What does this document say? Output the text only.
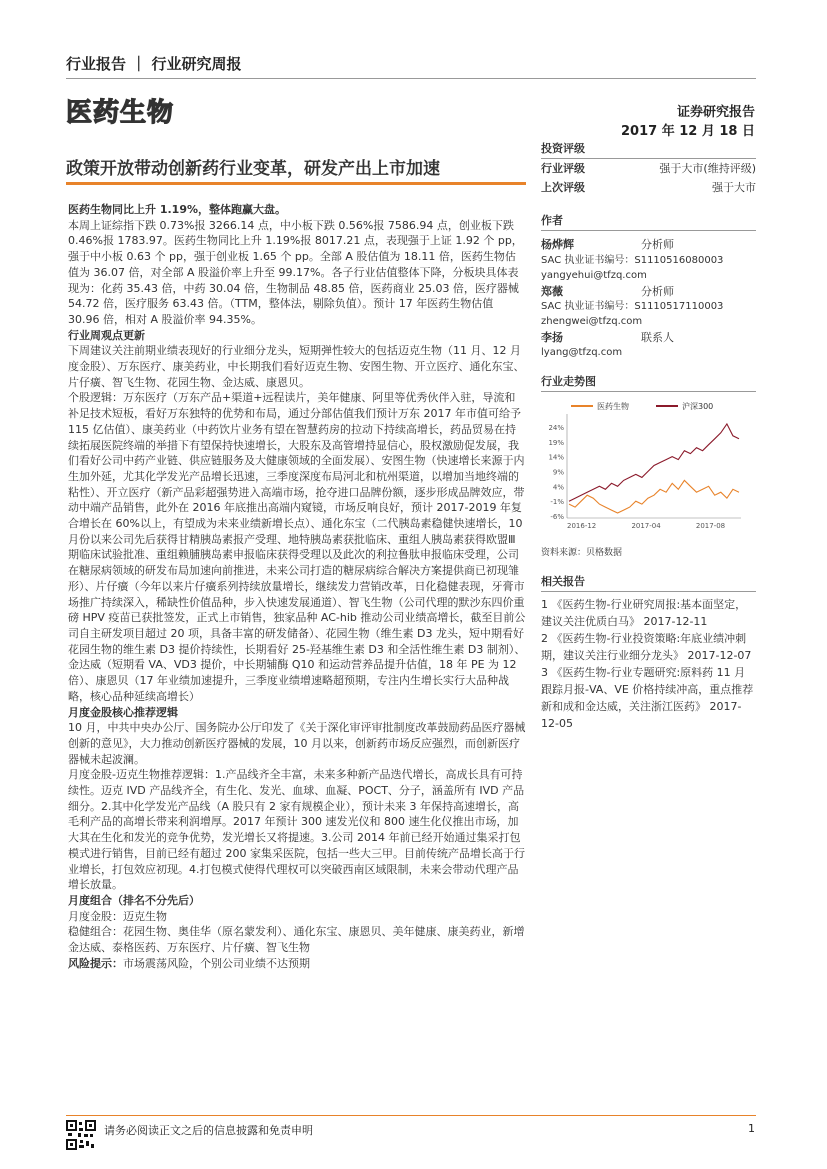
行业报告 ｜ 行业研究周报
医药生物	证券研究报告
2017 年 12 月 18 日
政策开放带动创新药行业变革，研发产出上市加速

医药生物同比上升 1.19%，整体跑赢大盘。

本周上证综指下跌 0.73%报 3266.14 点，中小板下跌 0.56%报 7586.94 点，创业板下跌 0.46%报 1783.97。医药生物同比上升 1.19%报 8017.21 点，表现强于上证 1.92 个 pp，强于中小板 0.63 个 pp，强于创业板 1.65 个 pp。全部 A 股估值为 18.11 倍，医药生物估值为 36.07 倍，对全部 A 股溢价率上升至 99.17%。各子行业估值整体下降，分板块具体表现为：化药 35.43 倍，中药 30.04 倍，生物制品 48.85 倍，医药商业 25.03 倍，医疗器械 54.72 倍，医疗服务 63.43 倍。（TTM，整体法，剔除负值）。预计 17 年医药生物估值 30.96 倍，相对 A 股溢价率 94.35%。

行业周观点更新

下周建议关注前期业绩表现好的行业细分龙头，短期弹性较大的包括迈克生物（11 月、12 月度金股）、万东医疗、康美药业，中长期我们看好迈克生物、安图生物、开立医疗、通化东宝、片仔癀、智飞生物、花园生物、金达威、康恩贝。

个股逻辑：万东医疗（万东产品+渠道+远程读片，美年健康、阿里等优秀伙伴入驻，导流和补足技术短板，看好万东独特的优势和布局，通过分部估值我们预计万东 2017 年市值可给予 115 亿估值）、康美药业（中药饮片业务有望在智慧药房的拉动下持续高增长，药品贸易在持续拓展医院终端的举措下有望保持快速增长，大股东及高管增持显信心，股权激励促发展，我们看好公司中药产业链、供应链服务及大健康领域的全面发展）、安图生物（快速增长来源于内生加外延，尤其化学发光产品增长迅速，三季度深度布局河北和杭州渠道，以增加当地终端的粘性）、开立医疗（新产品彩超强势进入高端市场，抢夺进口品牌份额，逐步形成品牌效应，带动中端产品销售，此外在 2016 年底推出高端内窥镜，市场反响良好，预计 2017-2019 年复合增长在 60%以上，有望成为未来业绩新增长点）、通化东宝（二代胰岛素稳健快速增长，10 月份以来公司先后获得甘精胰岛素报产受理、地特胰岛素获批临床、重组人胰岛素获得欧盟Ⅲ期临床试验批准、重组赖脯胰岛素申报临床获得受理以及此次的利拉鲁肽申报临床受理，公司在糖尿病领域的研发布局加速向前推进，未来公司打造的糖尿病综合解决方案提供商已初现雏形）、片仔癀（今年以来片仔癀系列持续放量增长，继续发力营销改革，日化稳健表现，牙膏市场推广持续深入，稀缺性价值品种，步入快速发展通道）、智飞生物（公司代理的默沙东四价重磅 HPV 疫苗已获批签发，正式上市销售，独家品种 AC-hib 推动公司业绩高增长，截至目前公司自主研发项目超过 20 项，具备丰富的研发储备）、花园生物（维生素 D3 龙头，短中期看好花园生物的维生素 D3 提价持续性，长期看好 25-羟基维生素 D3 和全活性维生素 D3 制剂）、金达威（短期看 VA、VD3 提价，中长期辅酶 Q10 和运动营养品提升估值，18 年 PE 为 12 倍）、康恩贝（17 年业绩加速提升，三季度业绩增速略超预期，专注内生增长实行大品种战略，核心品种延续高增长）

月度金股核心推荐逻辑

10 月，中共中央办公厅、国务院办公厅印发了《关于深化审评审批制度改革鼓励药品医疗器械创新的意见》，大力推动创新医疗器械的发展，10 月以来，创新药市场反应强烈，而创新医疗器械未起波澜。

月度金股-迈克生物推荐逻辑：1.产品线齐全丰富，未来多种新产品迭代增长，高成长具有可持续性。迈克 IVD 产品线齐全，有生化、发光、血球、血凝、POCT、分子，涵盖所有 IVD 产品细分。2.其中化学发光产品线（A 股只有 2 家有规模企业），预计未来 3 年保持高速增长，高毛利产品的高增长带来利润增厚。2017 年预计 300 速发光仪和 800 速生化仪推出市场，加大其在生化和发光的竞争优势，发光增长又将提速。3.公司 2014 年前已经开始通过集采打包模式进行销售，目前已经有超过 200 家集采医院，包括一些大三甲。目前传统产品增长高于行业增长，打包效应初现。4.打包模式使得代理权可以突破西南区域限制，未来会带动代理产品增长放量。

月度组合（排名不分先后）

月度金股：迈克生物

稳健组合：花园生物、奥佳华（原名蒙发利）、通化东宝、康恩贝、美年健康、康美药业，新增金达威、泰格医药、万东医疗、片仔癀、智飞生物

风险提示：市场震荡风险，个别公司业绩不达预期

投资评级
行业评级	强于大市(维持评级)
上次评级	强于大市
作者
杨烨辉	分析师
SAC 执业证书编号：S1110516080003
yangyehui@tfzq.com
郑薇	分析师
SAC 执业证书编号：S1110517110003
zhengwei@tfzq.com
李扬	联系人
lyang@tfzq.com
行业走势图
医药生物	沪深300
-6%
-1%
4%
9%
14%
19%
24%
2016-12	2017-04	2017-08
资料来源：贝格数据
相关报告

1 《医药生物-行业研究周报:基本面坚定，建议关注优质白马》 2017-12-11

2 《医药生物-行业投资策略:年底业绩冲刺期，建议关注行业细分龙头》 2017-12-07

3 《医药生物-行业专题研究:原料药 11 月跟踪月报-VA、VE 价格持续冲高，重点推荐新和成和金达威，关注浙江医药》 2017-12-05

请务必阅读正文之后的信息披露和免责申明	1
